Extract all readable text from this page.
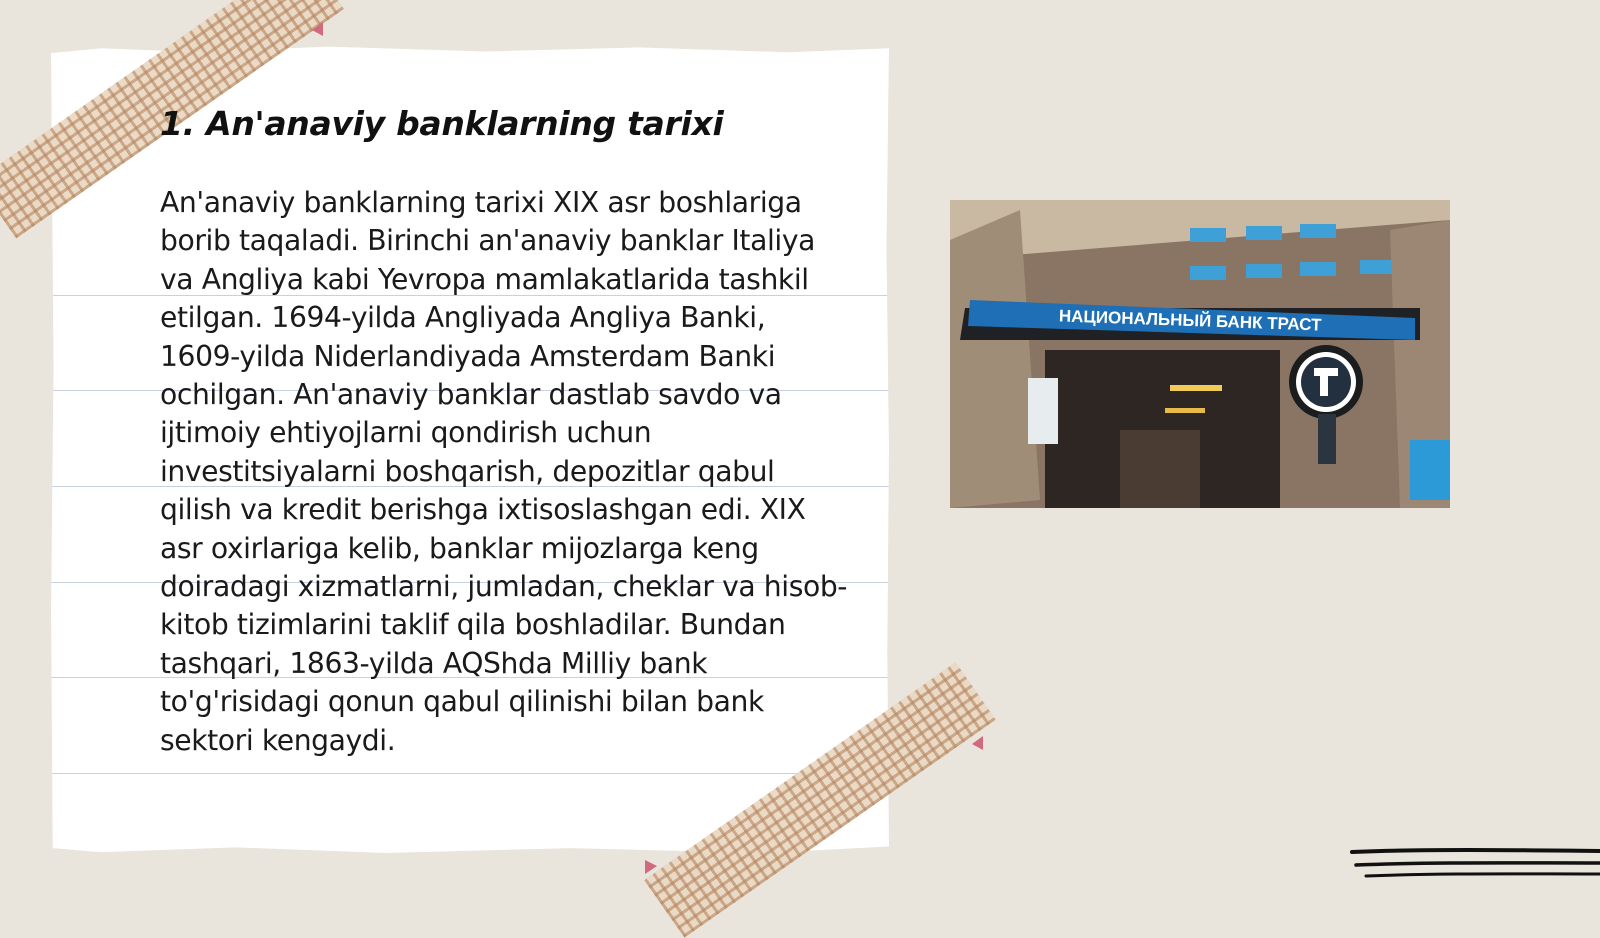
1. An'anaviy banklarning tarixi

An'anaviy banklarning tarixi XIX asr boshlariga borib taqaladi. Birinchi an'anaviy banklar Italiya va Angliya kabi Yevropa mamlakatlarida tashkil etilgan. 1694-yilda Angliyada Angliya Banki, 1609-yilda Niderlandiyada Amsterdam Banki ochilgan. An'anaviy banklar dastlab savdo va ijtimoiy ehtiyojlarni qondirish uchun investitsiyalarni boshqarish, depozitlar qabul qilish va kredit berishga ixtisoslashgan edi. XIX asr oxirlariga kelib, banklar mijozlarga keng doiradagi xizmatlarni, jumladan, cheklar va hisob-kitob tizimlarini taklif qila boshladilar. Bundan tashqari, 1863-yilda AQShda Milliy bank to'g'risidagi qonun qabul qilinishi bilan bank sektori kengaydi.

НАЦИОНАЛЬНЫЙ БАНК ТРАСТ
